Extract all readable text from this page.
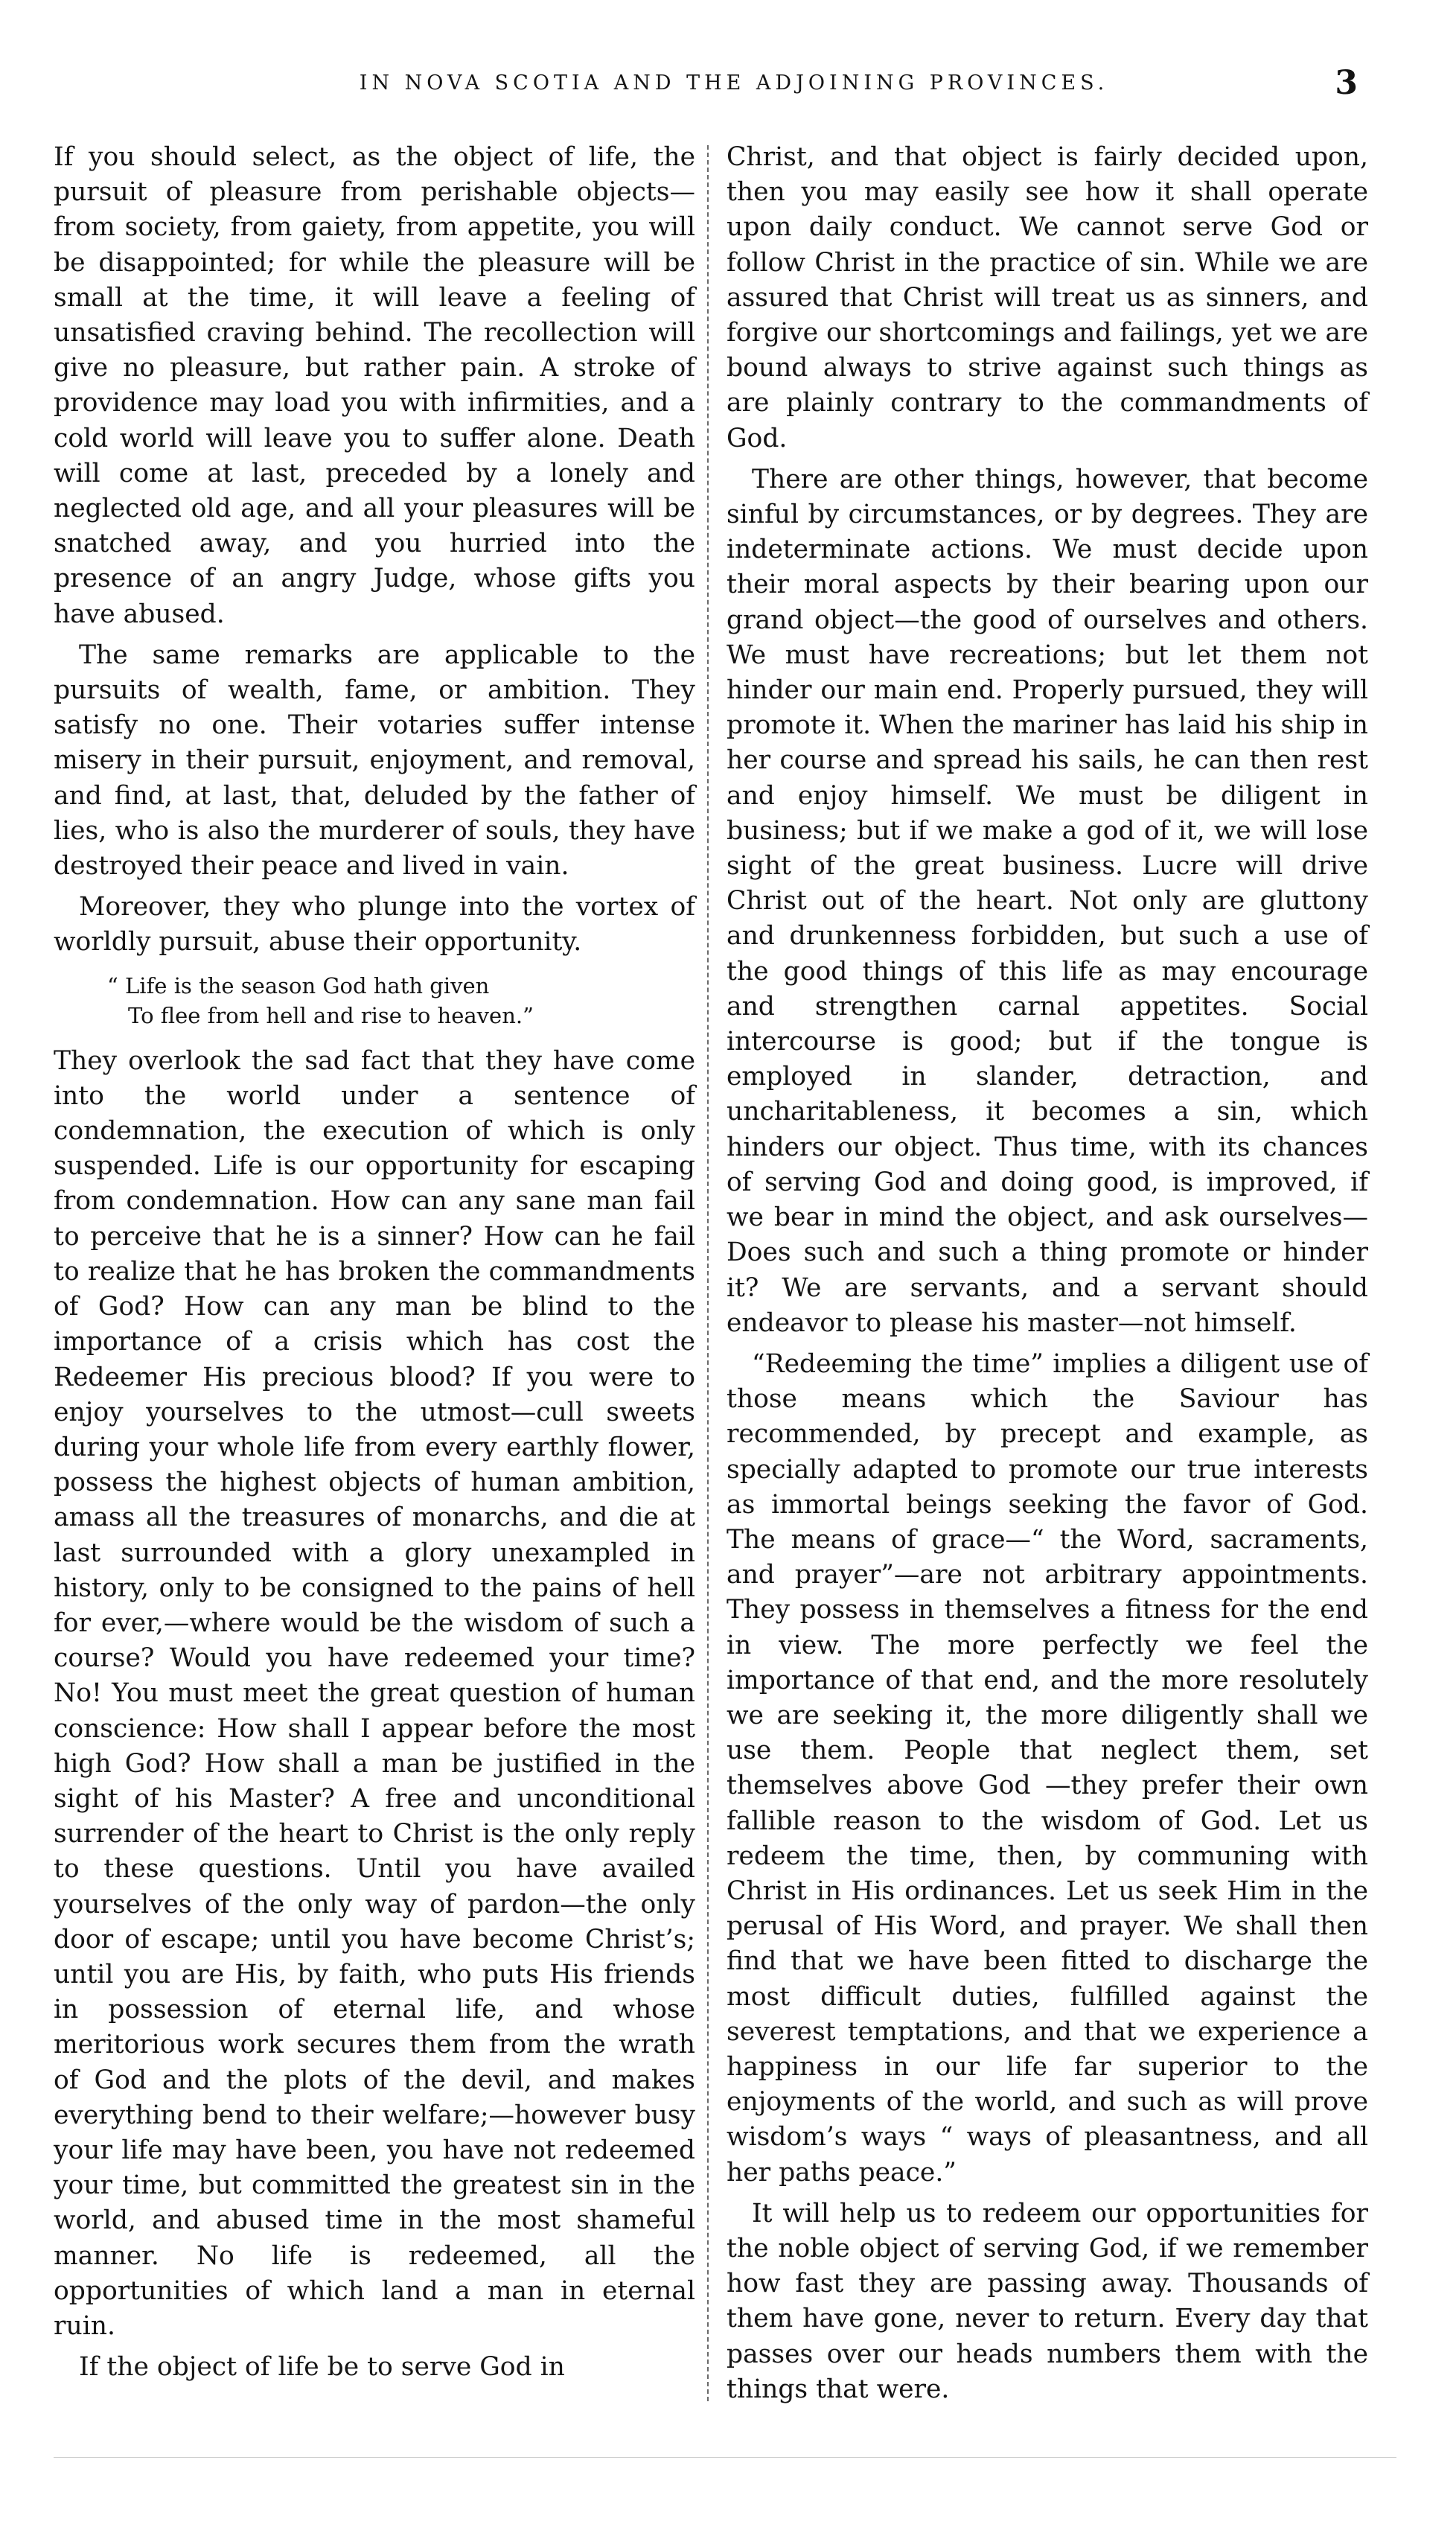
IN NOVA SCOTIA AND THE ADJOINING PROVINCES.	3

If you should select, as the object of life, the pursuit of pleasure from perishable objects—from society, from gaiety, from appetite, you will be disappointed; for while the pleasure will be small at the time, it will leave a feeling of unsatisfied craving behind. The recollection will give no pleasure, but rather pain. A stroke of providence may load you with infirmities, and a cold world will leave you to suffer alone. Death will come at last, preceded by a lonely and neglected old age, and all your pleasures will be snatched away, and you hurried into the presence of an angry Judge, whose gifts you have abused.

The same remarks are applicable to the pursuits of wealth, fame, or ambition. They satisfy no one. Their votaries suffer intense misery in their pursuit, enjoyment, and removal, and find, at last, that, deluded by the father of lies, who is also the murderer of souls, they have destroyed their peace and lived in vain.

Moreover, they who plunge into the vortex of worldly pursuit, abuse their opportunity.

“ Life is the season God hath given
To flee from hell and rise to heaven.”

They overlook the sad fact that they have come into the world under a sentence of condemnation, the execution of which is only suspended. Life is our opportunity for escaping from condemnation. How can any sane man fail to perceive that he is a sinner? How can he fail to realize that he has broken the commandments of God? How can any man be blind to the importance of a crisis which has cost the Redeemer His precious blood? If you were to enjoy yourselves to the utmost—cull sweets during your whole life from every earthly flower, possess the highest objects of human ambition, amass all the treasures of monarchs, and die at last surrounded with a glory unexampled in history, only to be consigned to the pains of hell for ever,—where would be the wisdom of such a course? Would you have redeemed your time? No! You must meet the great question of human conscience: How shall I appear before the most high God? How shall a man be justified in the sight of his Master? A free and unconditional surrender of the heart to Christ is the only reply to these questions. Until you have availed yourselves of the only way of pardon—the only door of escape; until you have become Christ’s; until you are His, by faith, who puts His friends in possession of eternal life, and whose meritorious work secures them from the wrath of God and the plots of the devil, and makes everything bend to their welfare;—however busy your life may have been, you have not redeemed your time, but committed the greatest sin in the world, and abused time in the most shameful manner. No life is redeemed, all the opportunities of which land a man in eternal ruin.

If the object of life be to serve God in

Christ, and that object is fairly decided upon, then you may easily see how it shall operate upon daily conduct. We cannot serve God or follow Christ in the practice of sin. While we are assured that Christ will treat us as sinners, and forgive our shortcomings and failings, yet we are bound always to strive against such things as are plainly contrary to the commandments of God.

There are other things, however, that become sinful by circumstances, or by degrees. They are indeterminate actions. We must decide upon their moral aspects by their bearing upon our grand object—the good of ourselves and others. We must have recreations; but let them not hinder our main end. Properly pursued, they will promote it. When the mariner has laid his ship in her course and spread his sails, he can then rest and enjoy himself. We must be diligent in business; but if we make a god of it, we will lose sight of the great business. Lucre will drive Christ out of the heart. Not only are gluttony and drunkenness forbidden, but such a use of the good things of this life as may encourage and strengthen carnal appetites. Social intercourse is good; but if the tongue is employed in slander, detraction, and uncharitableness, it becomes a sin, which hinders our object. Thus time, with its chances of serving God and doing good, is improved, if we bear in mind the object, and ask ourselves—Does such and such a thing promote or hinder it? We are servants, and a servant should endeavor to please his master—not himself.

“Redeeming the time” implies a diligent use of those means which the Saviour has recommended, by precept and example, as specially adapted to promote our true interests as immortal beings seeking the favor of God. The means of grace—“ the Word, sacraments, and prayer”—are not arbitrary appointments. They possess in themselves a fitness for the end in view. The more perfectly we feel the importance of that end, and the more resolutely we are seeking it, the more diligently shall we use them. People that neglect them, set themselves above God —they prefer their own fallible reason to the wisdom of God. Let us redeem the time, then, by communing with Christ in His ordinances. Let us seek Him in the perusal of His Word, and prayer. We shall then find that we have been fitted to discharge the most difficult duties, fulfilled against the severest temptations, and that we experience a happiness in our life far superior to the enjoyments of the world, and such as will prove wisdom’s ways “ ways of pleasantness, and all her paths peace.”

It will help us to redeem our opportunities for the noble object of serving God, if we remember how fast they are passing away. Thousands of them have gone, never to return. Every day that passes over our heads numbers them with the things that were.
